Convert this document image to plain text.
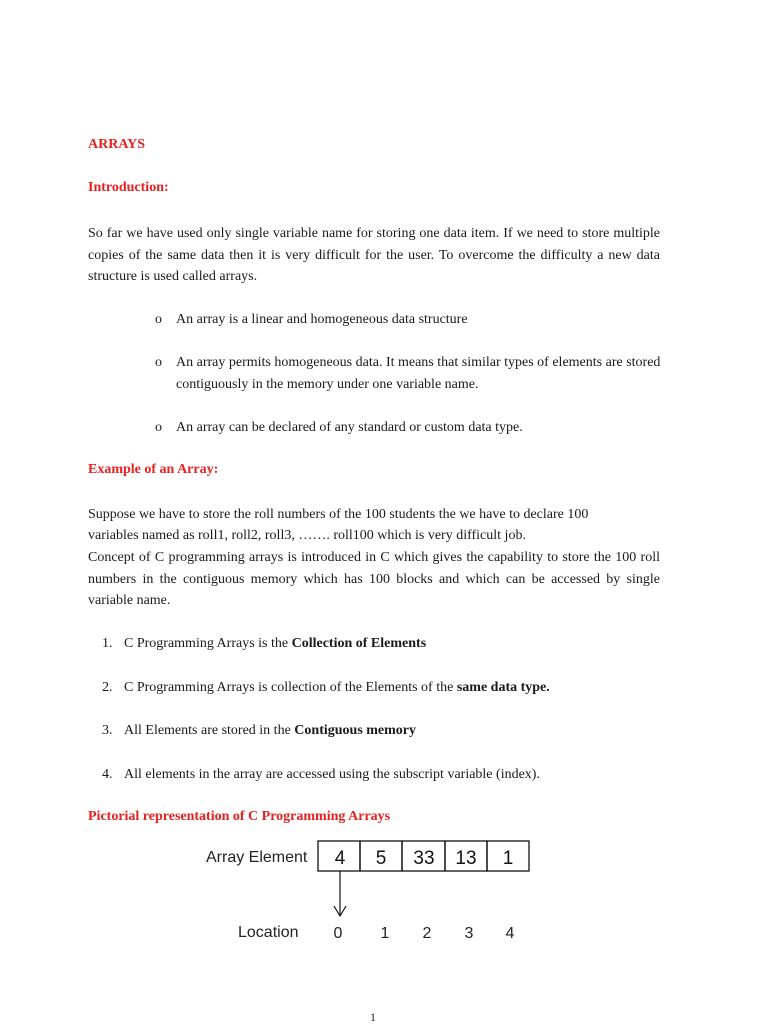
ARRAYS
Introduction:

So far we have used only single variable name for storing one data item. If we need to store multiple copies of the same data then it is very difficult for the user. To overcome the difficulty a new data structure is used called arrays.

o An array is a linear and homogeneous data structure
o An array permits homogeneous data. It means that similar types of elements are stored contiguously in the memory under one variable name.
o An array can be declared of any standard or custom data type.
Example of an Array:
Suppose we have to store the roll numbers of the 100 students the we have to declare 100
variables named as roll1, roll2, roll3, ……. roll100 which is very difficult job.

Concept of C programming arrays is introduced in C which gives the capability to store the 100 roll numbers in the contiguous memory which has 100 blocks and which can be accessed by single variable name.

1. C Programming Arrays is the Collection of Elements
2. C Programming Arrays is collection of the Elements of the same data type.
3. All Elements are stored in the Contiguous memory
4. All elements in the array are accessed using the subscript variable (index).
Pictorial representation of C Programming Arrays
Array Element 4 5 33 13 1
Location 0 1 2 3 4
1
